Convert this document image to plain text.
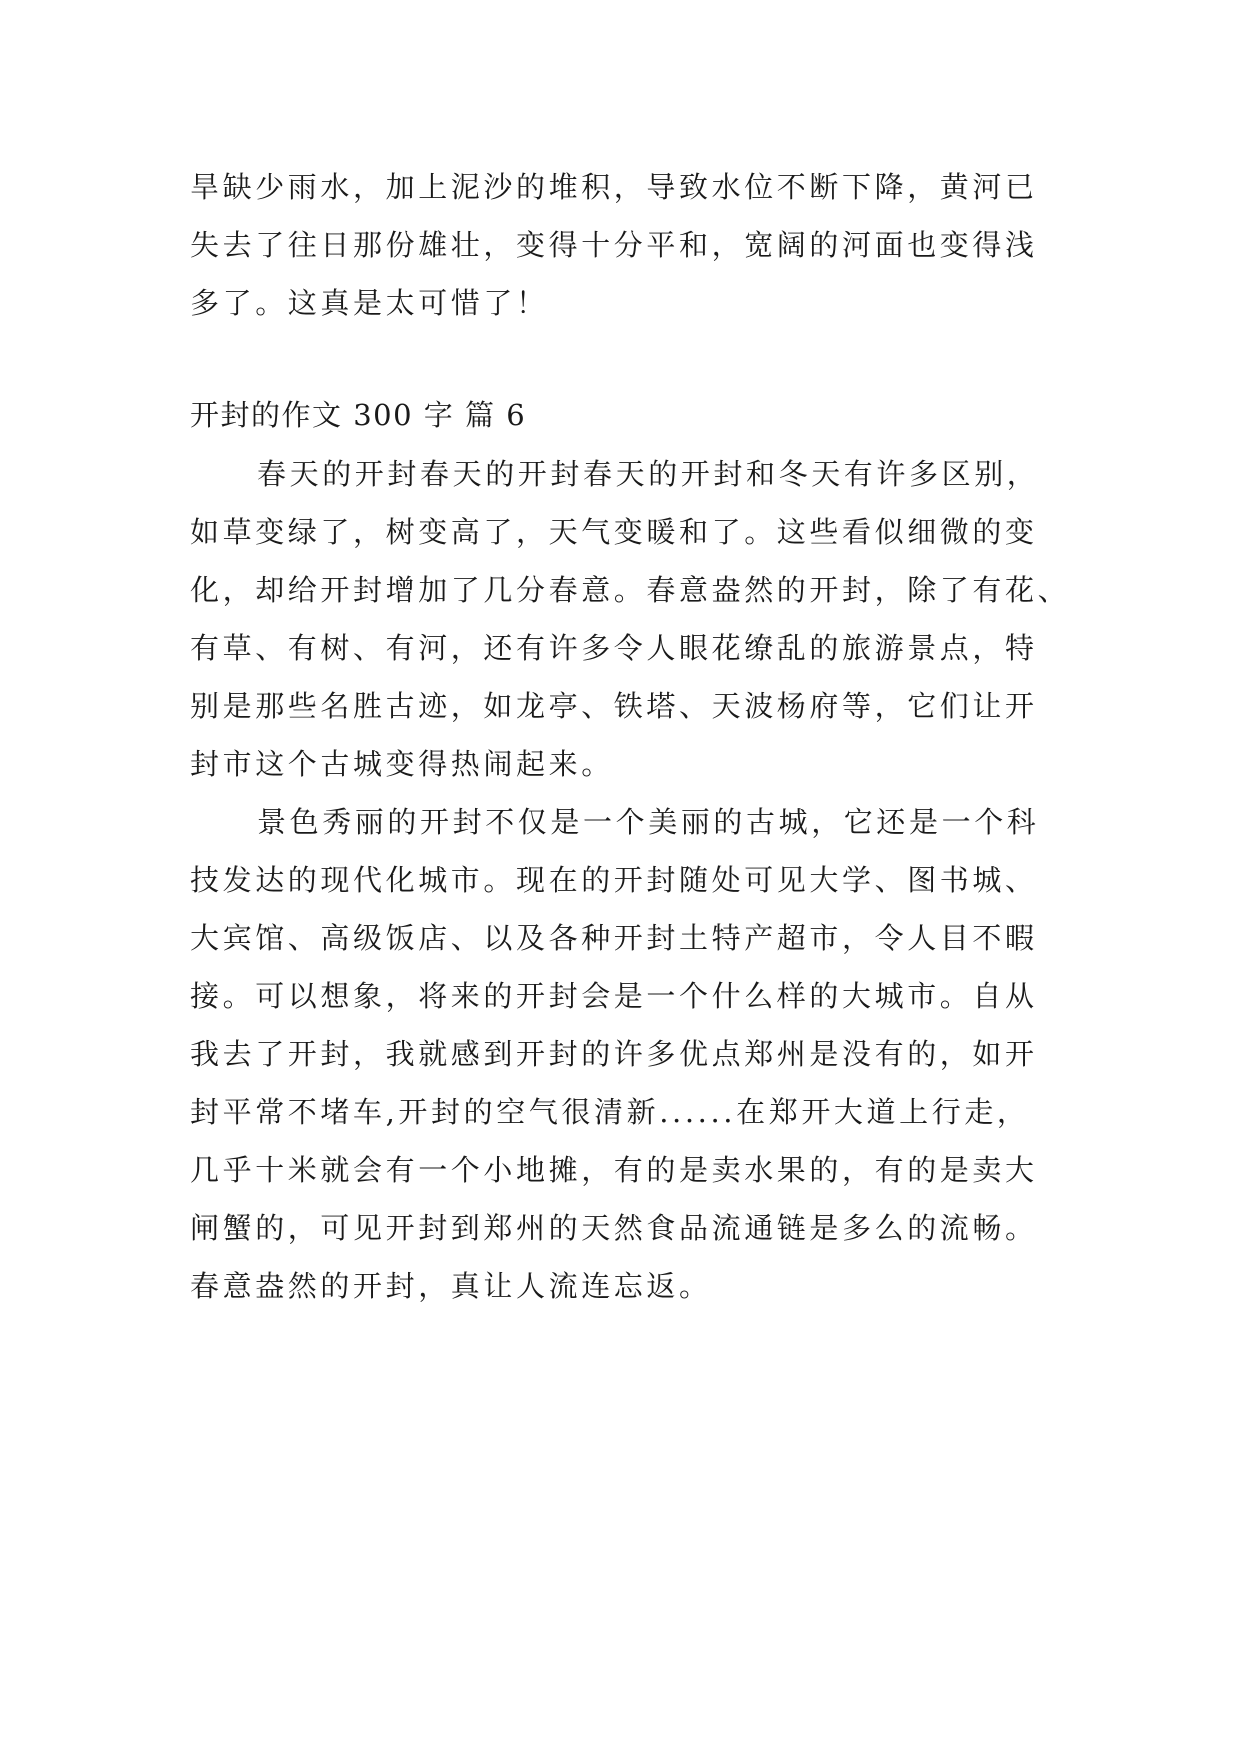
旱缺少雨水，加上泥沙的堆积，导致水位不断下降，黄河已
失去了往日那份雄壮，变得十分平和，宽阔的河面也变得浅
多了。这真是太可惜了！
开封的作文 300 字 篇 6
春天的开封春天的开封春天的开封和冬天有许多区别，
如草变绿了，树变高了，天气变暖和了。这些看似细微的变
化，却给开封增加了几分春意。春意盎然的开封，除了有花、
有草、有树、有河，还有许多令人眼花缭乱的旅游景点，特
别是那些名胜古迹，如龙亭、铁塔、天波杨府等，它们让开
封市这个古城变得热闹起来。
景色秀丽的开封不仅是一个美丽的古城，它还是一个科
技发达的现代化城市。现在的开封随处可见大学、图书城、
大宾馆、高级饭店、以及各种开封土特产超市，令人目不暇
接。可以想象，将来的开封会是一个什么样的大城市。自从
我去了开封，我就感到开封的许多优点郑州是没有的，如开
封平常不堵车,开封的空气很清新......在郑开大道上行走，
几乎十米就会有一个小地摊，有的是卖水果的，有的是卖大
闸蟹的，可见开封到郑州的天然食品流通链是多么的流畅。
春意盎然的开封，真让人流连忘返。
